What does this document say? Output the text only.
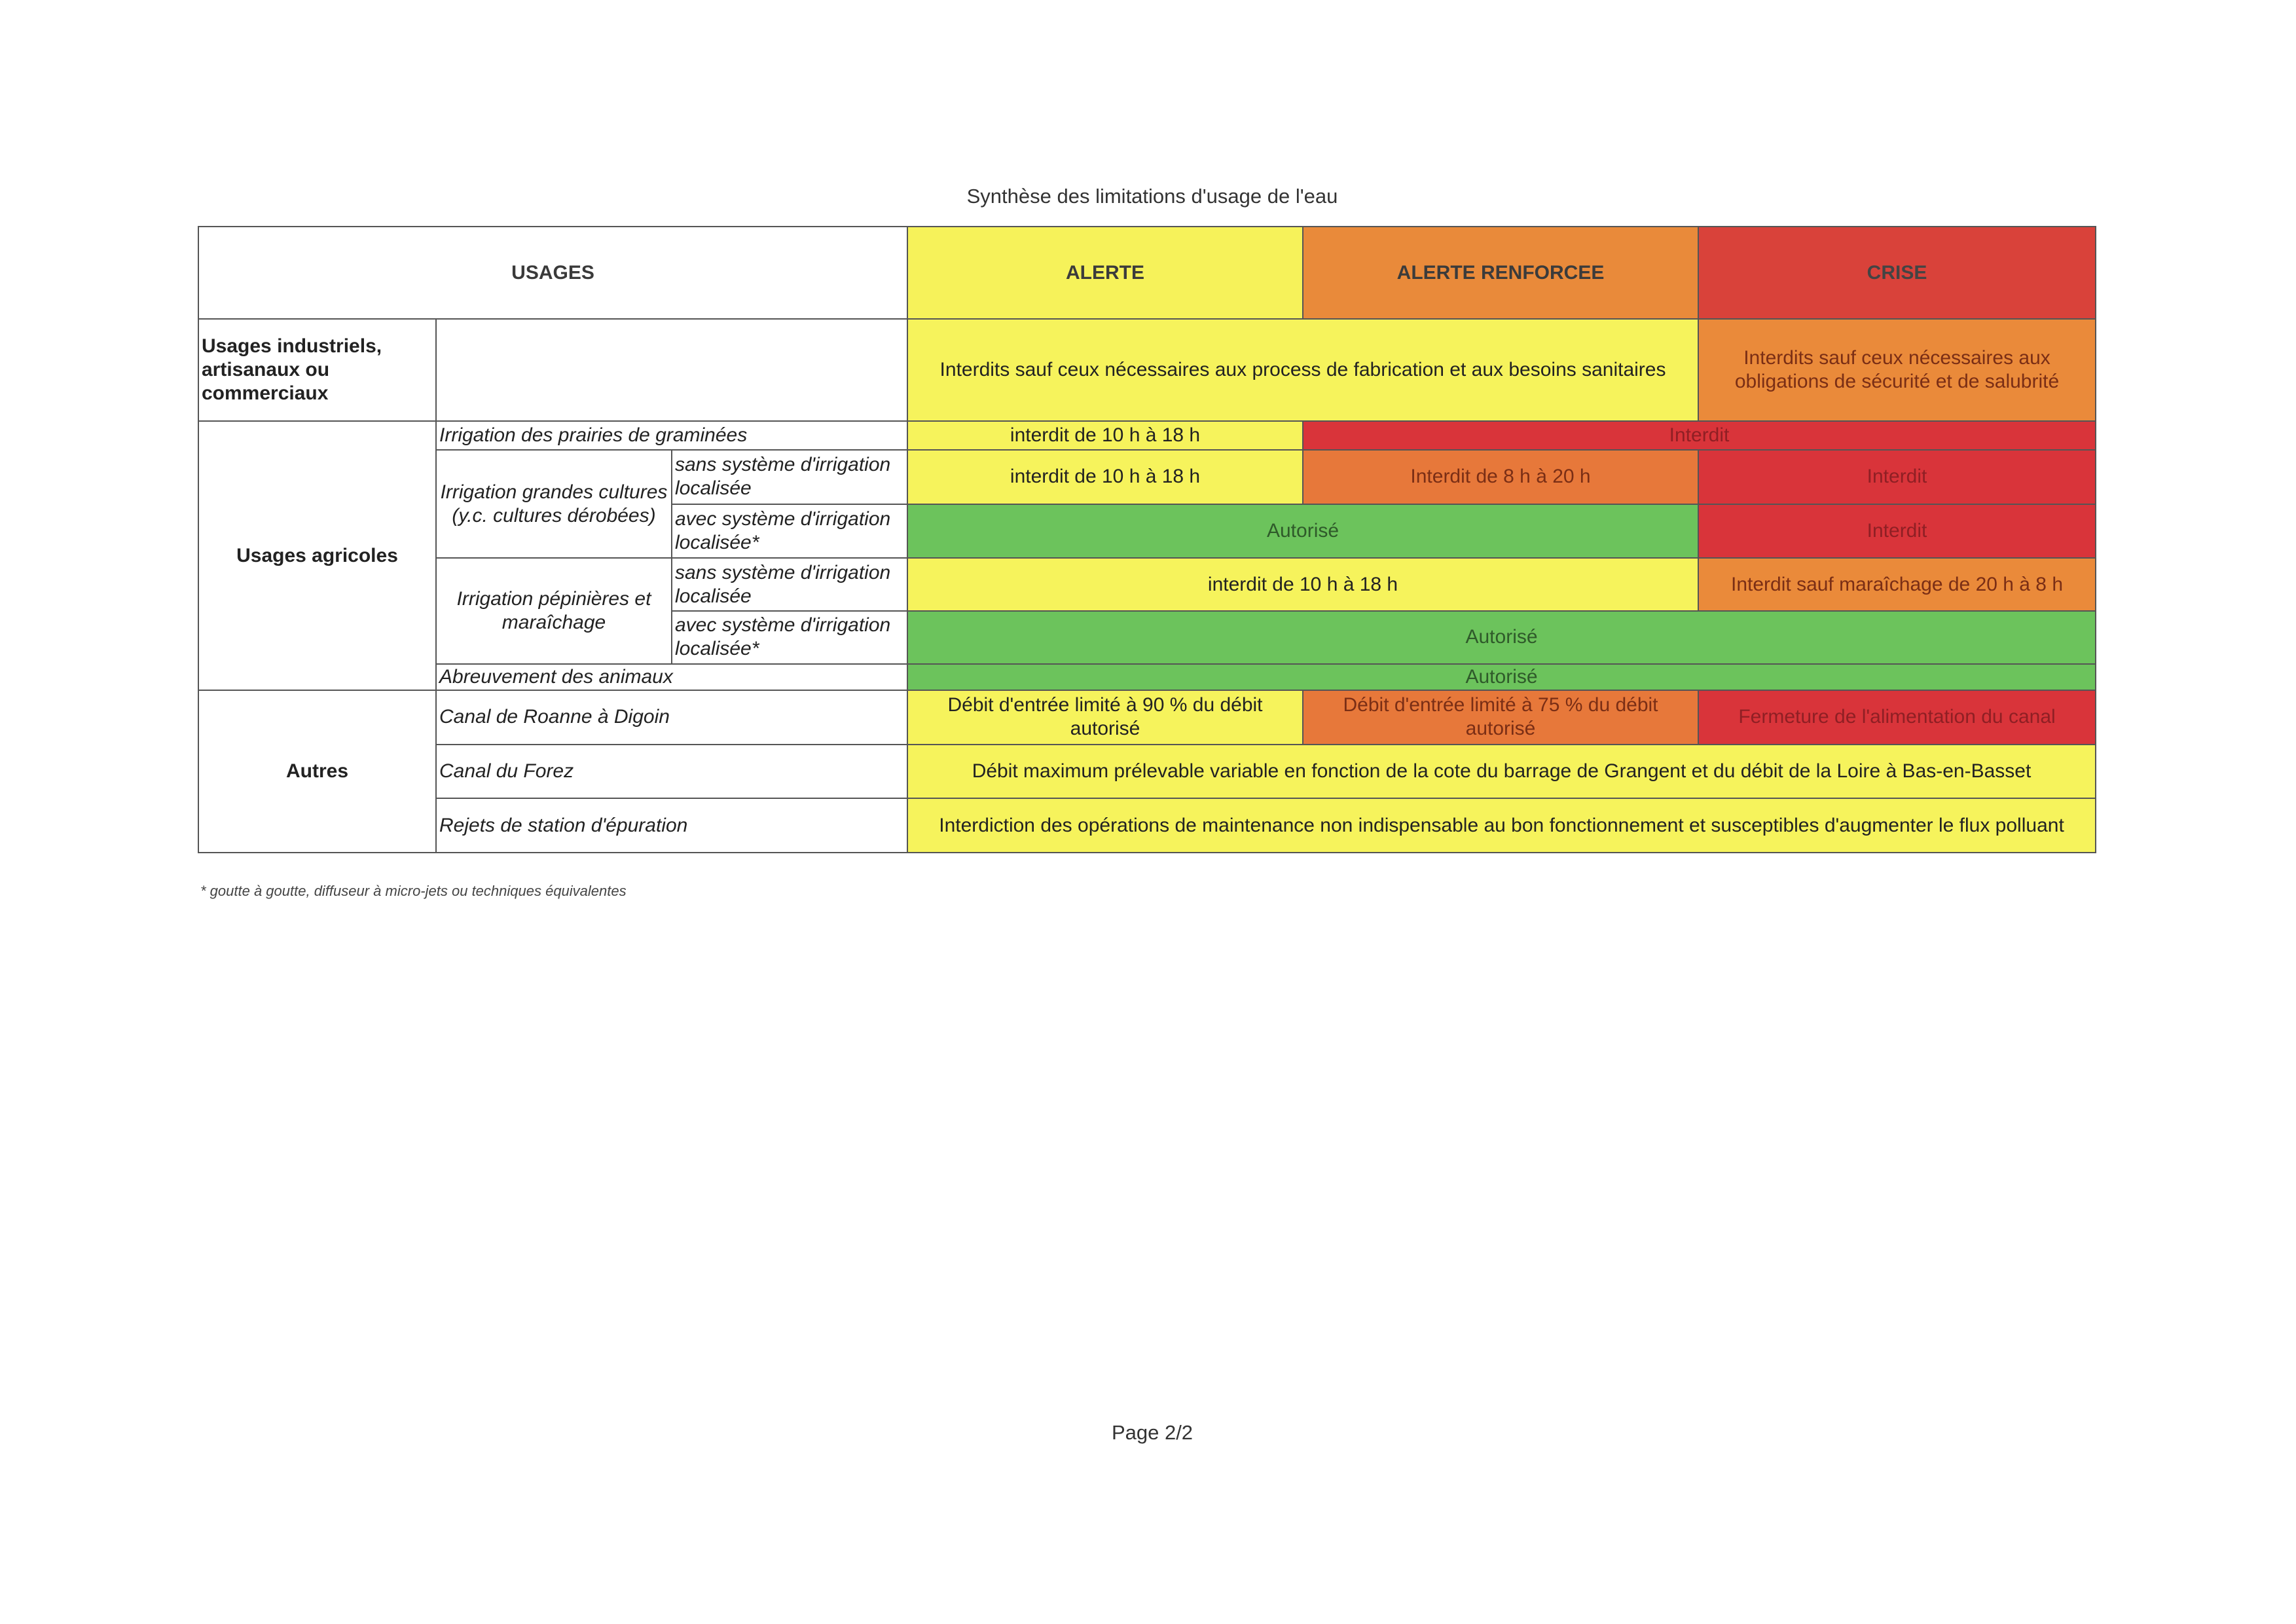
Synthèse des limitations d'usage de l'eau
USAGES			ALERTE	ALERTE RENFORCEE	CRISE
Usages industriels, artisanaux ou commerciaux			Interdits sauf ceux nécessaires aux process de fabrication et aux besoins sanitaires		Interdits sauf ceux nécessaires aux obligations de sécurité et de salubrité
Usages agricoles	Irrigation des prairies de graminées		interdit de 10 h à 18 h	Interdit	
	Irrigation grandes cultures (y.c. cultures dérobées)	sans système d'irrigation localisée	interdit de 10 h à 18 h	Interdit de 8 h à 20 h	Interdit
		avec système d'irrigation localisée*	Autorisé		Interdit
	Irrigation pépinières et maraîchage	sans système d'irrigation localisée	interdit de 10 h à 18 h		Interdit sauf maraîchage de 20 h à 8 h
		avec système d'irrigation localisée*	Autorisé		
	Abreuvement des animaux		Autorisé		
Autres	Canal de Roanne à Digoin		Débit d'entrée limité à 90 % du débit autorisé	Débit d'entrée limité à 75 % du débit autorisé	Fermeture de l'alimentation du canal
	Canal du Forez		Débit maximum prélevable variable en fonction de la cote du barrage de Grangent et du débit de la Loire à Bas-en-Basset		
	Rejets de station d'épuration		Interdiction des opérations de maintenance non indispensable au bon fonctionnement et susceptibles d'augmenter le flux polluant		
* goutte à goutte, diffuseur à micro-jets ou techniques équivalentes
Page 2/2
